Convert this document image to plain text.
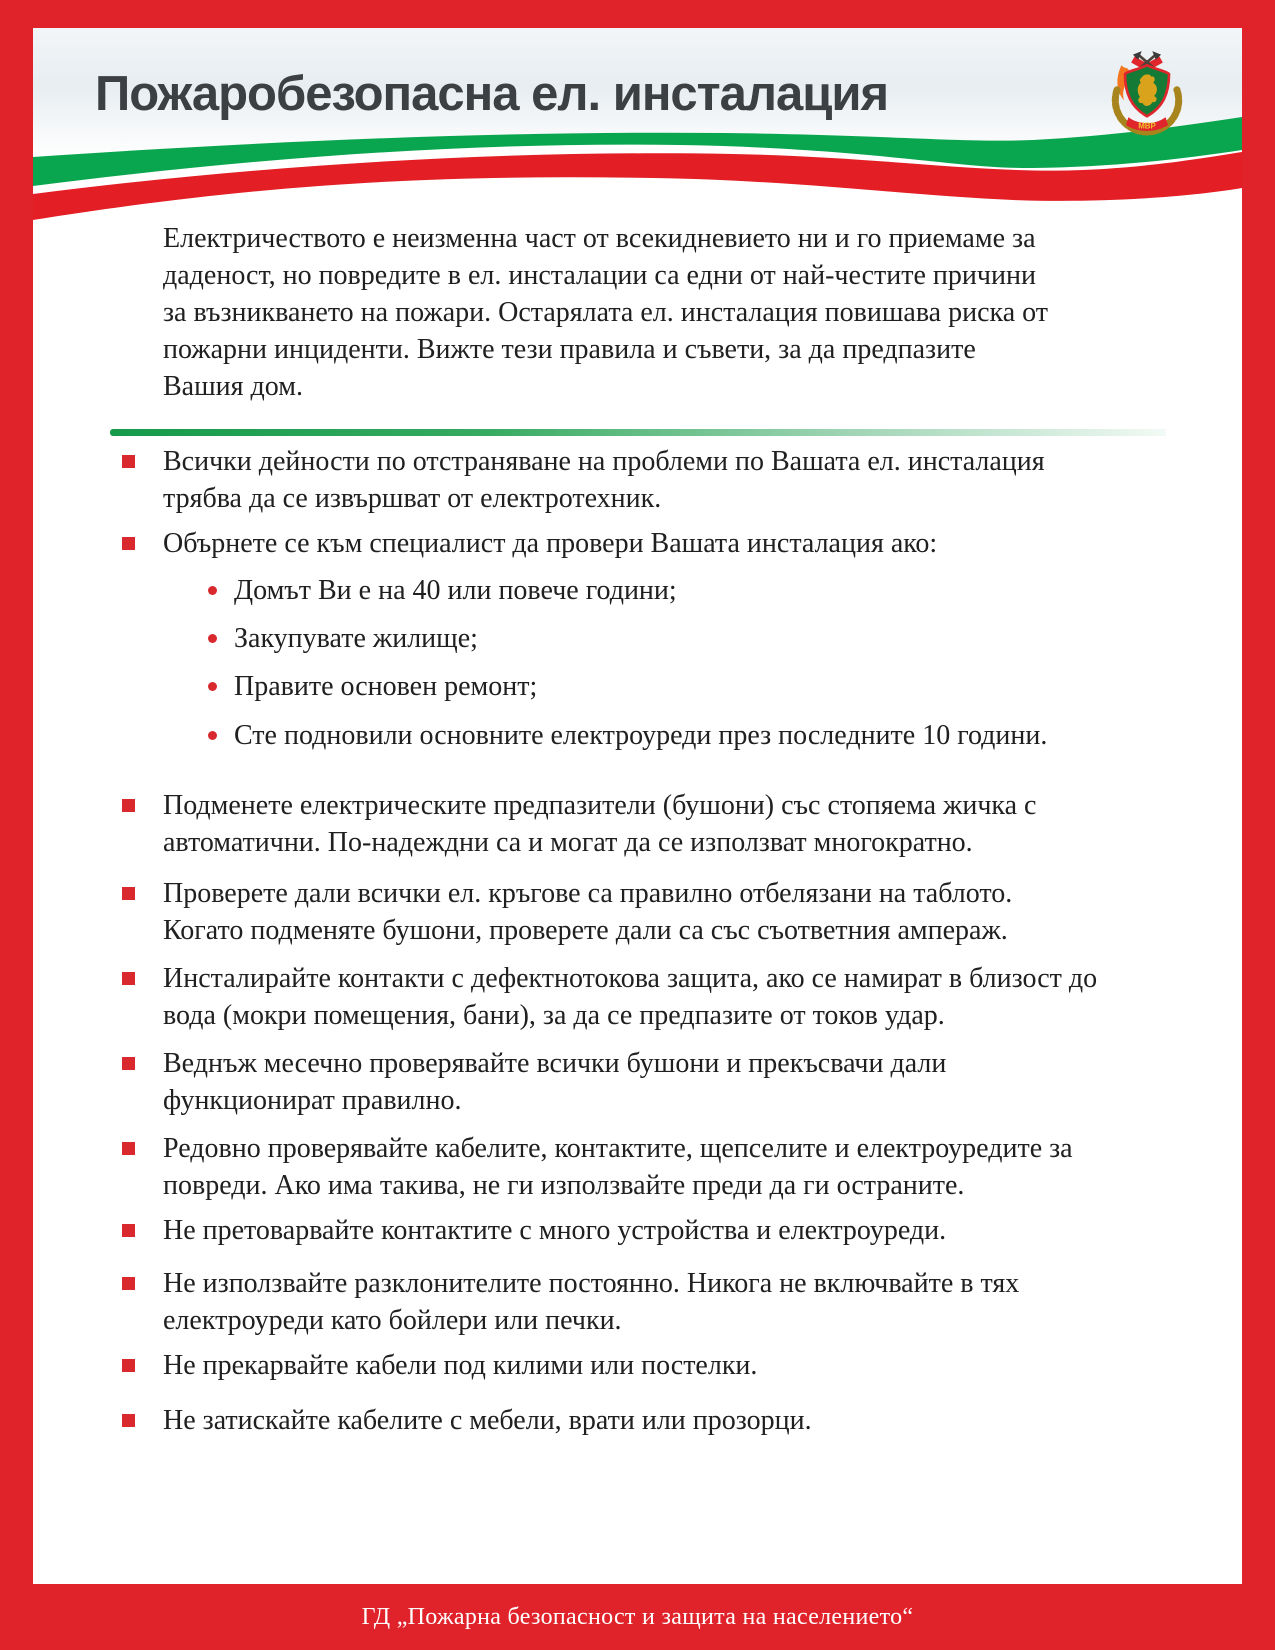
МВР
Пожаробезопасна ел. инсталация

Електричеството е неизменна част от всекидневието ни и го приемаме за даденост, но повредите в ел. инсталации са едни от най-честите причини за възникването на пожари. Остарялата ел. инсталация повишава риска от пожарни инциденти. Вижте тези правила и съвети, за да предпазите Вашия дом.

Всички дейности по отстраняване на проблеми по Вашата ел. инсталация трябва да се извършват от електротехник.

Обърнете се към специалист да провери Вашата инсталация ако:

Домът Ви е на 40 или повече години;

Закупувате жилище;

Правите основен ремонт;

Сте подновили основните електроуреди през последните 10 години.

Подменете електрическите предпазители (бушони) със стопяема жичка с автоматични. По-надеждни са и могат да се използват многократно.

Проверете дали всички ел. кръгове са правилно отбелязани на таблото. Когато подменяте бушони, проверете дали са със съответния ампераж.

Инсталирайте контакти с дефектнотокова защита, ако се намират в близост до вода (мокри помещения, бани), за да се предпазите от токов удар.

Веднъж месечно проверявайте всички бушони и прекъсвачи дали функционират правилно.

Редовно проверявайте кабелите, контактите, щепселите и електроуредите за повреди. Ако има такива, не ги използвайте преди да ги остраните.

Не претоварвайте контактите с много устройства и електроуреди.

Не използвайте разклонителите постоянно. Никога не включвайте в тях електроуреди като бойлери или печки.

Не прекарвайте кабели под килими или постелки.

Не затискайте кабелите с мебели, врати или прозорци.

ГД „Пожарна безопасност и защита на населението“
